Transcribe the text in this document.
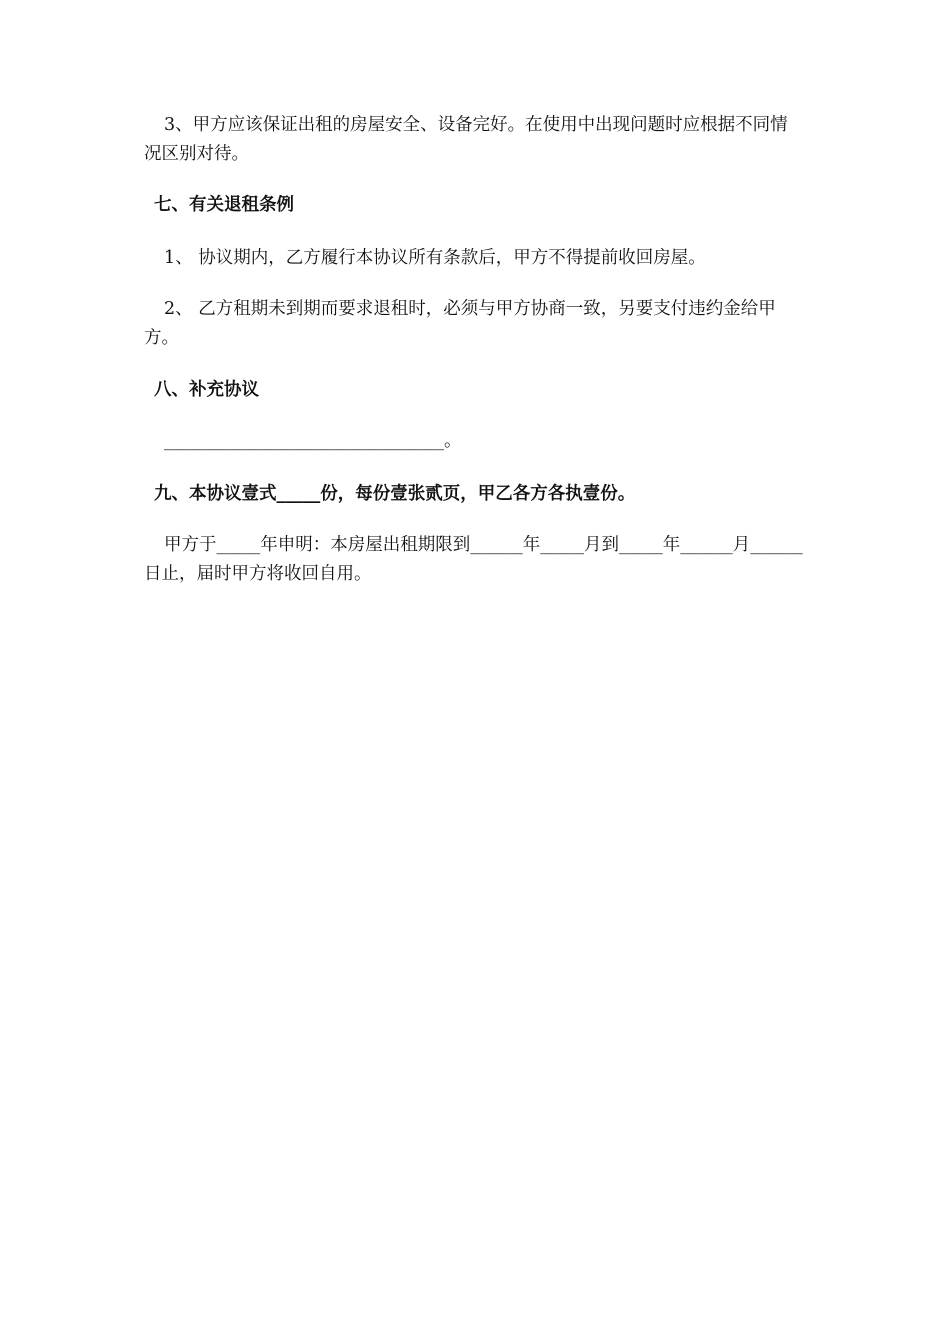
3、甲方应该保证出租的房屋安全、设备完好。在使用中出现问题时应根据不同情况区别对待。

七、有关退租条例

1、 协议期内，乙方履行本协议所有条款后，甲方不得提前收回房屋。

2、 乙方租期未到期而要求退租时，必须与甲方协商一致，另要支付违约金给甲方。

八、补充协议

________________________________。

九、本协议壹式_____份，每份壹张贰页，甲乙各方各执壹份。

甲方于_____年申明：本房屋出租期限到______年_____月到_____年______月______日止，届时甲方将收回自用。
